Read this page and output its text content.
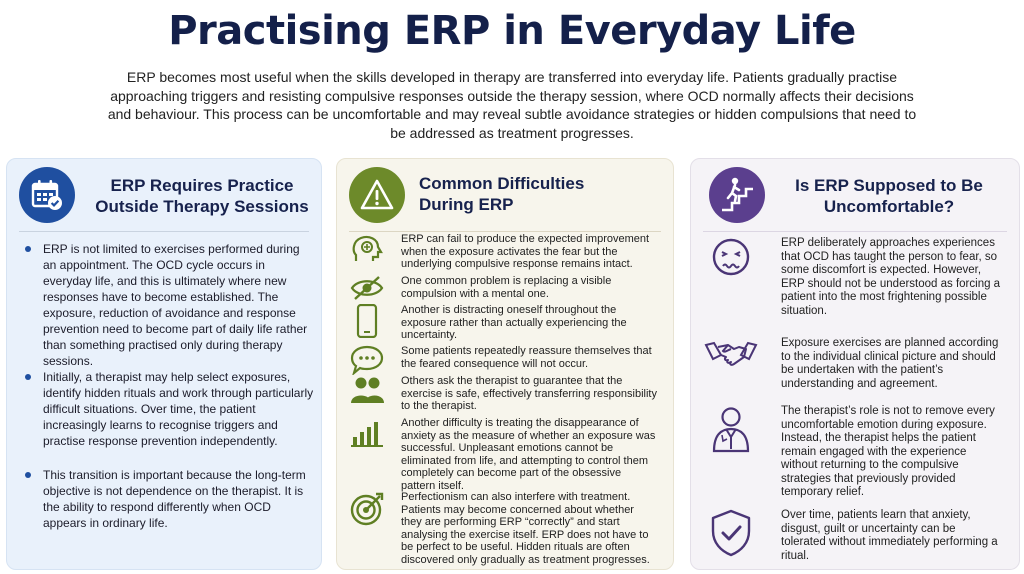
Practising ERP in Everyday Life
ERP becomes most useful when the skills developed in therapy are transferred into everyday life. Patients gradually practise approaching triggers and resisting compulsive responses outside the therapy session, where OCD normally affects their decisions and behaviour. This process can be uncomfortable and may reveal subtle avoidance strategies or hidden compulsions that need to be addressed as treatment progresses.
ERP Requires Practice Outside Therapy Sessions
ERP is not limited to exercises performed during an appointment. The OCD cycle occurs in everyday life, and this is ultimately where new responses have to become established. The exposure, reduction of avoidance and response prevention need to become part of daily life rather than something practised only during therapy sessions.
Initially, a therapist may help select exposures, identify hidden rituals and work through particularly difficult situations. Over time, the patient increasingly learns to recognise triggers and practise response prevention independently.
This transition is important because the long-term objective is not dependence on the therapist. It is the ability to respond differently when OCD appears in ordinary life.
Common Difficulties During ERP
ERP can fail to produce the expected improvement when the exposure activates the fear but the underlying compulsive response remains intact.
One common problem is replacing a visible compulsion with a mental one.
Another is distracting oneself throughout the exposure rather than actually experiencing the uncertainty.
Some patients repeatedly reassure themselves that the feared consequence will not occur.
Others ask the therapist to guarantee that the exercise is safe, effectively transferring responsibility to the therapist.
Another difficulty is treating the disappearance of anxiety as the measure of whether an exposure was successful. Unpleasant emotions cannot be eliminated from life, and attempting to control them completely can become part of the obsessive pattern itself.
Perfectionism can also interfere with treatment. Patients may become concerned about whether they are performing ERP “correctly” and start analysing the exercise itself. ERP does not have to be perfect to be useful. Hidden rituals are often discovered only gradually as treatment progresses.
Is ERP Supposed to Be Uncomfortable?
ERP deliberately approaches experiences that OCD has taught the person to fear, so some discomfort is expected. However, ERP should not be understood as forcing a patient into the most frightening possible situation.
Exposure exercises are planned according to the individual clinical picture and should be undertaken with the patient’s understanding and agreement.
The therapist’s role is not to remove every uncomfortable emotion during exposure. Instead, the therapist helps the patient remain engaged with the experience without returning to the compulsive strategies that previously provided temporary relief.
Over time, patients learn that anxiety, disgust, guilt or uncertainty can be tolerated without immediately performing a ritual.
